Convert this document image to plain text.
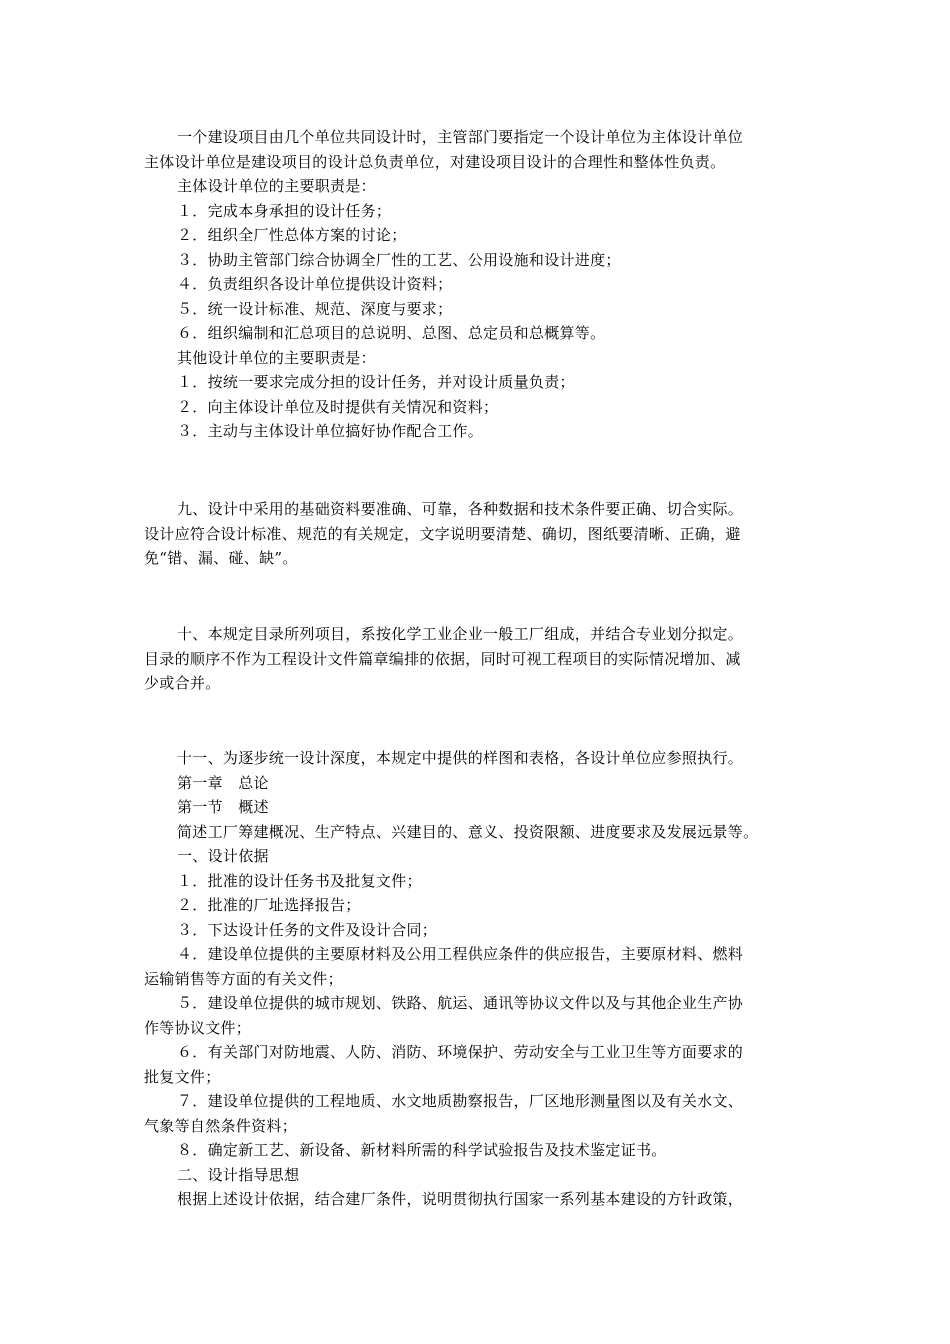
一个建设项目由几个单位共同设计时，主管部门要指定一个设计单位为主体设计单位
主体设计单位是建设项目的设计总负责单位，对建设项目设计的合理性和整体性负责。
主体设计单位的主要职责是：
１．完成本身承担的设计任务；
２．组织全厂性总体方案的讨论；
３．协助主管部门综合协调全厂性的工艺、公用设施和设计进度；
４．负责组织各设计单位提供设计资料；
５．统一设计标准、规范、深度与要求；
６．组织编制和汇总项目的总说明、总图、总定员和总概算等。
其他设计单位的主要职责是：
１．按统一要求完成分担的设计任务，并对设计质量负责；
２．向主体设计单位及时提供有关情况和资料；
３．主动与主体设计单位搞好协作配合工作。
九、设计中采用的基础资料要准确、可靠，各种数据和技术条件要正确、切合实际。
设计应符合设计标准、规范的有关规定，文字说明要清楚、确切，图纸要清晰、正确，避
免“错、漏、碰、缺”。
十、本规定目录所列项目，系按化学工业企业一般工厂组成，并结合专业划分拟定。
目录的顺序不作为工程设计文件篇章编排的依据，同时可视工程项目的实际情况增加、减
少或合并。
十一、为逐步统一设计深度，本规定中提供的样图和表格，各设计单位应参照执行。
第一章　总论
第一节　概述
简述工厂筹建概况、生产特点、兴建目的、意义、投资限额、进度要求及发展远景等。
一、设计依据
１．批准的设计任务书及批复文件；
２．批准的厂址选择报告；
３．下达设计任务的文件及设计合同；
４．建设单位提供的主要原材料及公用工程供应条件的供应报告，主要原材料、燃料
运输销售等方面的有关文件；
５．建设单位提供的城市规划、铁路、航运、通讯等协议文件以及与其他企业生产协
作等协议文件；
６．有关部门对防地震、人防、消防、环境保护、劳动安全与工业卫生等方面要求的
批复文件；
７．建设单位提供的工程地质、水文地质勘察报告，厂区地形测量图以及有关水文、
气象等自然条件资料；
８．确定新工艺、新设备、新材料所需的科学试验报告及技术鉴定证书。
二、设计指导思想
根据上述设计依据，结合建厂条件，说明贯彻执行国家一系列基本建设的方针政策，
